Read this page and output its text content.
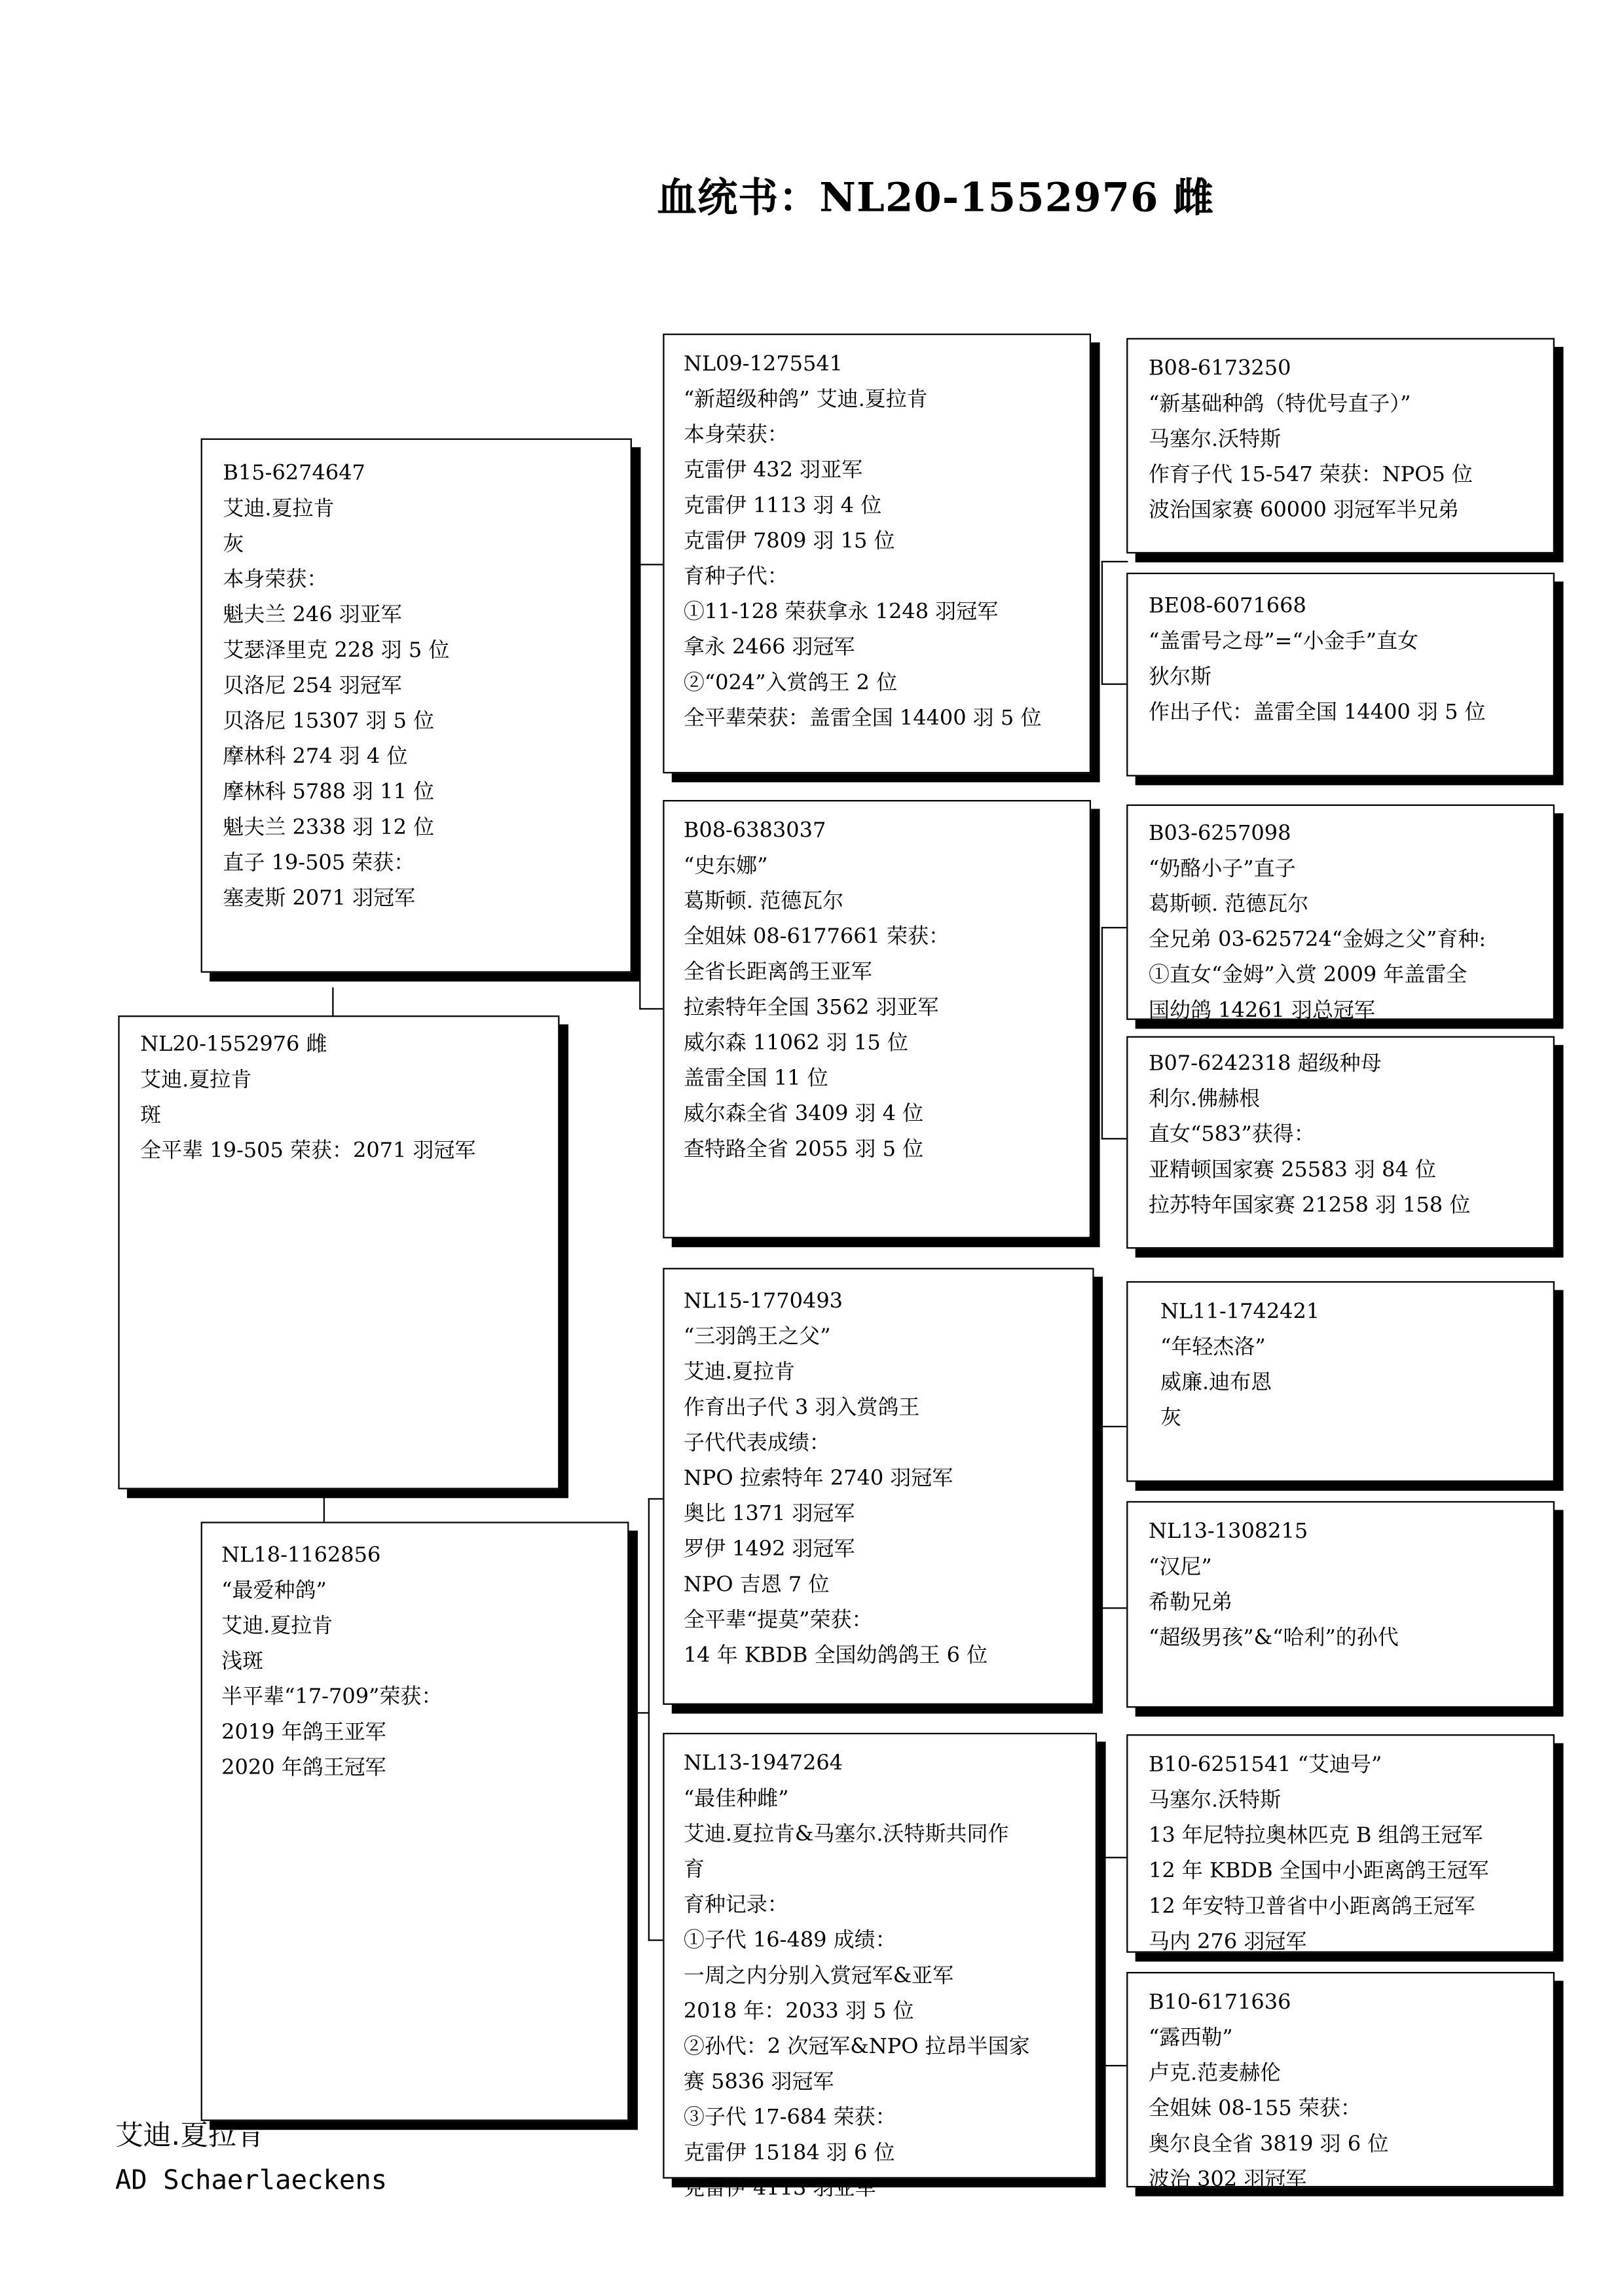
血统书：NL20-1552976 雌
NL20-1552976 雌
艾迪.夏拉肯
斑
全平辈 19-505 荣获：2071 羽冠军
B15-6274647
艾迪.夏拉肯
灰
本身荣获：
魁夫兰 246 羽亚军
艾瑟泽里克 228 羽 5 位
贝洛尼 254 羽冠军
贝洛尼 15307 羽 5 位
摩林科 274 羽 4 位
摩林科 5788 羽 11 位
魁夫兰 2338 羽 12 位
直子 19-505 荣获：
塞麦斯 2071 羽冠军
NL18-1162856
“最爱种鸽”
艾迪.夏拉肯
浅斑
半平辈“17-709”荣获：
2019 年鸽王亚军
2020 年鸽王冠军
NL09-1275541
“新超级种鸽” 艾迪.夏拉肯
本身荣获：
克雷伊 432 羽亚军
克雷伊 1113 羽 4 位
克雷伊 7809 羽 15 位
育种子代：
①11-128 荣获拿永 1248 羽冠军
拿永 2466 羽冠军
②“024”入赏鸽王 2 位
全平辈荣获：盖雷全国 14400 羽 5 位
B08-6383037
“史东娜”
葛斯顿. 范德瓦尔
全姐妹 08-6177661 荣获：
全省长距离鸽王亚军
拉索特年全国 3562 羽亚军
威尔森 11062 羽 15 位
盖雷全国 11 位
威尔森全省 3409 羽 4 位
查特路全省 2055 羽 5 位
NL15-1770493
“三羽鸽王之父”
艾迪.夏拉肯
作育出子代 3 羽入赏鸽王
子代代表成绩：
NPO 拉索特年 2740 羽冠军
奥比 1371 羽冠军
罗伊 1492 羽冠军
NPO 吉恩 7 位
全平辈“提莫”荣获：
14 年 KBDB 全国幼鸽鸽王 6 位
NL13-1947264
“最佳种雌”
艾迪.夏拉肯&马塞尔.沃特斯共同作
育
育种记录：
①子代 16-489 成绩：
一周之内分别入赏冠军&亚军
2018 年：2033 羽 5 位
②孙代：2 次冠军&NPO 拉昂半国家
赛 5836 羽冠军
③子代 17-684 荣获：
克雷伊 15184 羽 6 位
克雷伊 4113 羽亚军
B08-6173250
“新基础种鸽（特优号直子）”
马塞尔.沃特斯
作育子代 15-547 荣获：NPO5 位
波治国家赛 60000 羽冠军半兄弟
BE08-6071668
“盖雷号之母”=“小金手”直女
狄尔斯
作出子代：盖雷全国 14400 羽 5 位
B03-6257098
“奶酪小子”直子
葛斯顿. 范德瓦尔
全兄弟 03-625724“金姆之父”育种:
①直女“金姆”入赏 2009 年盖雷全
国幼鸽 14261 羽总冠军
B07-6242318 超级种母
利尔.佛赫根
直女“583”获得：
亚精顿国家赛 25583 羽 84 位
拉苏特年国家赛 21258 羽 158 位
NL11-1742421
“年轻杰洛”
威廉.迪布恩
灰
NL13-1308215
“汉尼”
希勒兄弟
“超级男孩”&“哈利”的孙代
B10-6251541 “艾迪号”
马塞尔.沃特斯
13 年尼特拉奥林匹克 B 组鸽王冠军
12 年 KBDB 全国中小距离鸽王冠军
12 年安特卫普省中小距离鸽王冠军
马内 276 羽冠军
B10-6171636
“露西勒”
卢克.范麦赫伦
全姐妹 08-155 荣获：
奥尔良全省 3819 羽 6 位
波治 302 羽冠军
艾迪.夏拉肯
AD Schaerlaeckens
